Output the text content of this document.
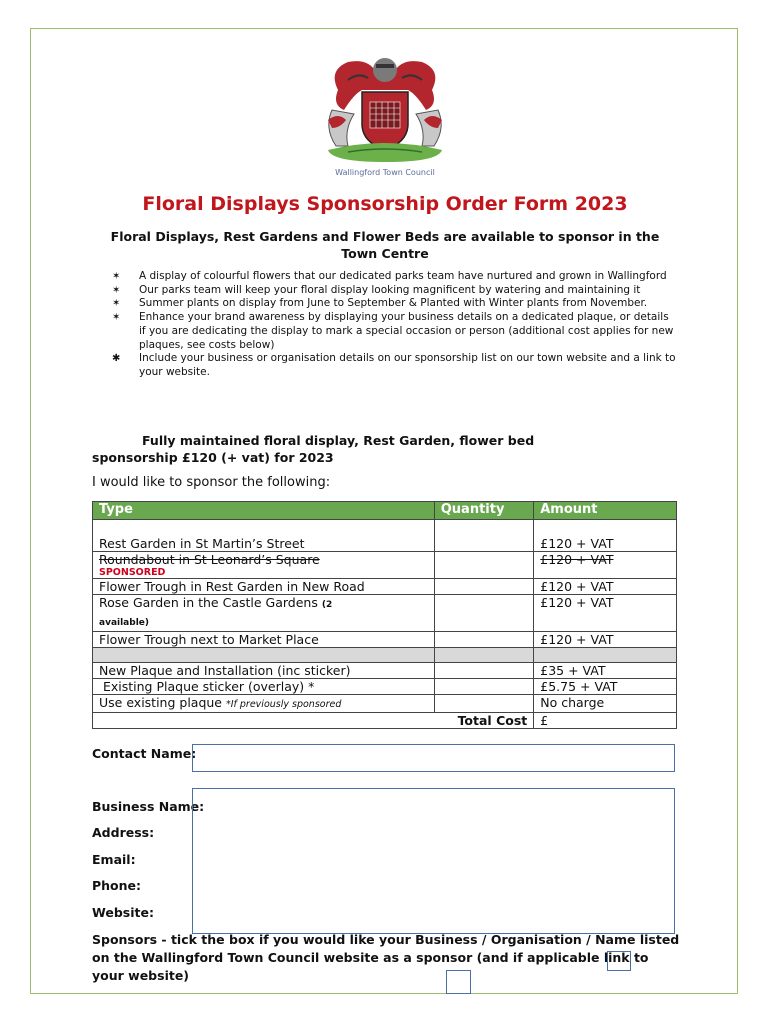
Wallingford Town Council
Floral Displays Sponsorship Order Form 2023
Floral Displays, Rest Gardens and Flower Beds are available to sponsor in the Town Centre
✶ A display of colourful flowers that our dedicated parks team have nurtured and grown in Wallingford
✶ Our parks team will keep your floral display looking magnificent by watering and maintaining it
✶ Summer plants on display from June to September & Planted with Winter plants from November.
✶ Enhance your brand awareness by displaying your business details on a dedicated plaque, or details if you are dedicating the display to mark a special occasion or person (additional cost applies for new plaques, see costs below)
✱ Include your business or organisation details on our sponsorship list on our town website and a link to your website.
Fully maintained floral display, Rest Garden, flower bed
sponsorship £120 (+ vat) for 2023
I would like to sponsor the following:
Type	Quantity	Amount
Rest Garden in St Martin’s Street		£120 + VAT
Roundabout in St Leonard’s Square
SPONSORED		£120 + VAT
Flower Trough in Rest Garden in New Road		£120 + VAT
Rose Garden in the Castle Gardens (2
available)		£120 + VAT
Flower Trough next to Market Place		£120 + VAT

New Plaque and Installation (inc sticker)		£35 + VAT
Existing Plaque sticker (overlay) *		£5.75 + VAT
Use existing plaque *If previously sponsored		No charge
Total Cost		£
Contact Name:
Business Name:
Address:
Email:
Phone:
Website:
Sponsors - tick the box if you would like your Business / Organisation / Name listed on the Wallingford Town Council website as a sponsor (and if applicable link to your website)
